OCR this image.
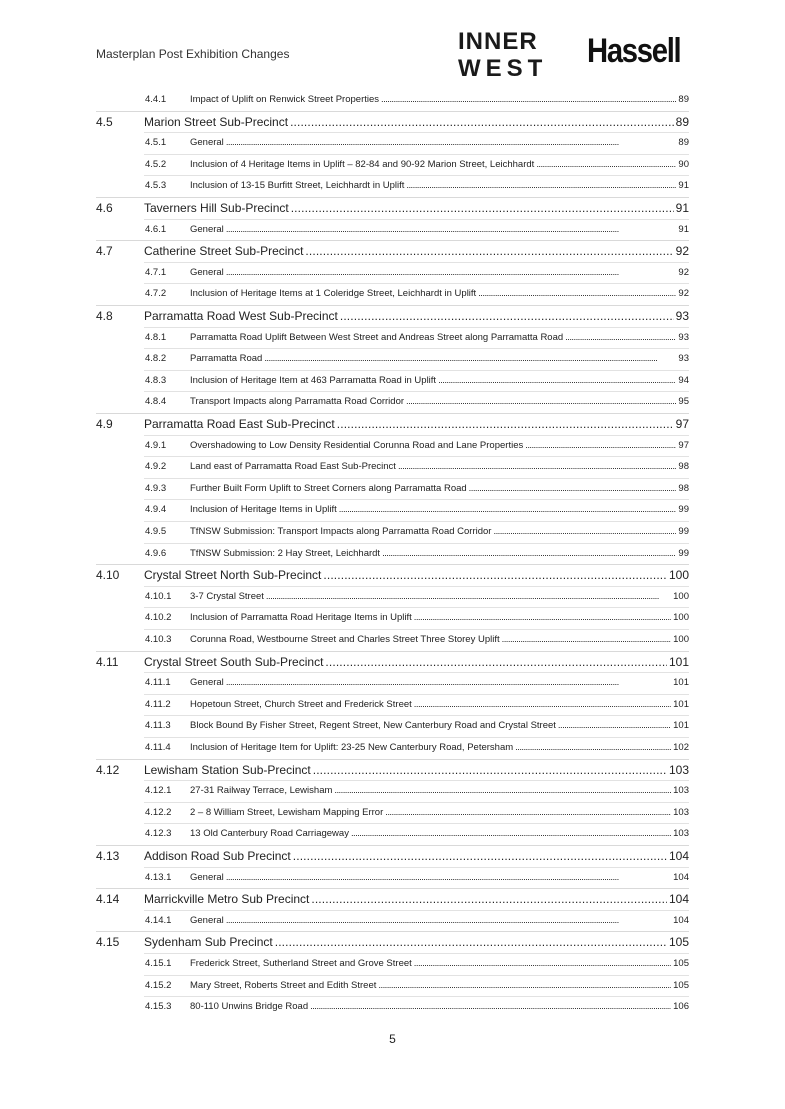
Masterplan Post Exhibition Changes	INNER
WEST Hassell
4.4.1	Impact of Uplift on Renwick Street Properties . . .	89
4.5	Marion Street Sub-Precinct . . .	89
4.5.1	General . . .	89
4.5.2	Inclusion of 4 Heritage Items in Uplift – 82-84 and 90-92 Marion Street, Leichhardt . . .	90
4.5.3	Inclusion of 13-15 Burfitt Street, Leichhardt in Uplift . . .	91
4.6	Taverners Hill Sub-Precinct . . .	91
4.6.1	General . . .	91
4.7	Catherine Street Sub-Precinct . . .	92
4.7.1	General . . .	92
4.7.2	Inclusion of Heritage Items at 1 Coleridge Street, Leichhardt in Uplift . . .	92
4.8	Parramatta Road West Sub-Precinct . . .	93
4.8.1	Parramatta Road Uplift Between West Street and Andreas Street along Parramatta Road . . .	93
4.8.2	Parramatta Road . . .	93
4.8.3	Inclusion of Heritage Item at 463 Parramatta Road in Uplift . . .	94
4.8.4	Transport Impacts along Parramatta Road Corridor . . .	95
4.9	Parramatta Road East Sub-Precinct . . .	97
4.9.1	Overshadowing to Low Density Residential Corunna Road and Lane Properties . . .	97
4.9.2	Land east of Parramatta Road East Sub-Precinct . . .	98
4.9.3	Further Built Form Uplift to Street Corners along Parramatta Road . . .	98
4.9.4	Inclusion of Heritage Items in Uplift . . .	99
4.9.5	TfNSW Submission: Transport Impacts along Parramatta Road Corridor . . .	99
4.9.6	TfNSW Submission: 2 Hay Street, Leichhardt . . .	99
4.10 Crystal Street North Sub-Precinct . . .	100
4.10.1 3-7 Crystal Street . . .	100
4.10.2 Inclusion of Parramatta Road Heritage Items in Uplift . . .	100
4.10.3 Corunna Road, Westbourne Street and Charles Street Three Storey Uplift . . .	100
4.11 Crystal Street South Sub-Precinct . . .	101
4.11.1 General . . .	101
4.11.2 Hopetoun Street, Church Street and Frederick Street . . .	101
4.11.3 Block Bound By Fisher Street, Regent Street, New Canterbury Road and Crystal Street . . .	101
4.11.4 Inclusion of Heritage Item for Uplift: 23-25 New Canterbury Road, Petersham . . .	102
4.12 Lewisham Station Sub-Precinct . . .	103
4.12.1 27-31 Railway Terrace, Lewisham . . .	103
4.12.2 2 – 8 William Street, Lewisham Mapping Error . . .	103
4.12.3 13 Old Canterbury Road Carriageway . . .	103
4.13 Addison Road Sub Precinct . . .	104
4.13.1 General . . .	104
4.14 Marrickville Metro Sub Precinct . . .	104
4.14.1 General . . .	104
4.15 Sydenham Sub Precinct . . .	105
4.15.1 Frederick Street, Sutherland Street and Grove Street . . .	105
4.15.2 Mary Street, Roberts Street and Edith Street . . .	105
4.15.3 80-110 Unwins Bridge Road . . .	106
5
